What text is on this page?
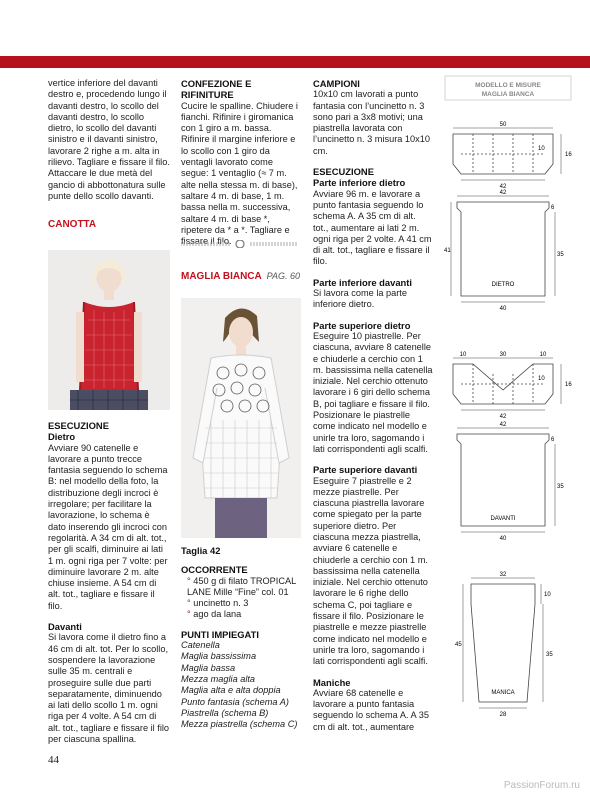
vertice inferiore del davanti destro e, procedendo lungo il davanti destro, lo scollo del davanti destro, lo scollo dietro, lo scollo del davanti sinistro e il davanti sinistro, lavorare 2 righe a m. alta in rilievo. Tagliare e fissare il filo. Attaccare le due metà del gancio di abbottonatura sulle punte dello scollo davanti.

CANOTTA

ESECUZIONE

Dietro

Avviare 90 catenelle e lavorare a punto trecce fantasia seguendo lo schema B: nel modello della foto, la distribuzione degli incroci è irregolare; per facilitare la lavorazione, lo schema è dato inserendo gli incroci con regolarità. A 34 cm di alt. tot., per gli scalfi, diminuire ai lati 1 m. ogni riga per 7 volte: per diminuire lavorare 2 m. alte chiuse insieme. A 54 cm di alt. tot., tagliare e fissare il filo.

Davanti

Si lavora come il dietro fino a 46 cm di alt. tot. Per lo scollo, sospendere la lavorazione sulle 35 m. centrali e proseguire sulle due parti separatamente, diminuendo ai lati dello scollo 1 m. ogni riga per 4 volte. A 54 cm di alt. tot., tagliare e fissare il filo per ciascuna spallina.

CONFEZIONE E RIFINITURE

Cucire le spalline. Chiudere i fianchi. Rifinire i giromanica con 1 giro a m. bassa. Rifinire il margine inferiore e lo scollo con 1 giro da ventagli lavorato come segue: 1 ventaglio (≈ 7 m. alte nella stessa m. di base), saltare 4 m. di base, 1 m. bassa nella m. successiva, saltare 4 m. di base *, ripetere da * a *. Tagliare e fissare il filo.

MAGLIA BIANCA PAG. 60

Taglia 42

OCCORRENTE

° 450 g di filato TROPICAL LANE Mille “Fine” col. 01

° uncinetto n. 3

° ago da lana

PUNTI IMPIEGATI

Catenella

Maglia bassissima

Maglia bassa

Mezza maglia alta

Maglia alta e alta doppia

Punto fantasia (schema A)

Piastrella (schema B)

Mezza piastrella (schema C)

CAMPIONI

10x10 cm lavorati a punto fantasia con l’uncinetto n. 3 sono pari a 3x8 motivi; una piastrella lavorata con l’uncinetto n. 3 misura 10x10 cm.

ESECUZIONE

Parte inferiore dietro

Avviare 96 m. e lavorare a punto fantasia seguendo lo schema A. A 35 cm di alt. tot., aumentare ai lati 2 m. ogni riga per 2 volte. A 41 cm di alt. tot., tagliare e fissare il filo.

Parte inferiore davanti

Si lavora come la parte inferiore dietro.

Parte superiore dietro

Eseguire 10 piastrelle. Per ciascuna, avviare 8 catenelle e chiuderle a cerchio con 1 m. bassissima nella catenella iniziale. Nel cerchio ottenuto lavorare i 6 giri dello schema B, poi tagliare e fissare il filo. Posizionare le piastrelle come indicato nel modello e unirle tra loro, sagomando i lati corrispondenti agli scalfi.

Parte superiore davanti

Eseguire 7 piastrelle e 2 mezze piastrelle. Per ciascuna piastrella lavorare come spiegato per la parte superiore dietro. Per ciascuna mezza piastrella, avviare 6 catenelle e chiuderle a cerchio con 1 m. bassissima nella catenella iniziale. Nel cerchio ottenuto lavorare le 6 righe dello schema C, poi tagliare e fissare il filo. Posizionare le piastrelle e mezze piastrelle come indicato nel modello e unirle tra loro, sagomando i lati corrispondenti agli scalfi.

Maniche

Avviare 68 catenelle e lavorare a punto fantasia seguendo lo schema A. A 35 cm di alt. tot., aumentare

MODELLO E MISURE
MAGLIA BIANCA
50
16
10
42
42
6
41
35
DIETRO
40
10	30	10
10
16
42
42
6
35
DAVANTI
40
32
10
45
35
MANICA
28
44
PassionForum.ru
